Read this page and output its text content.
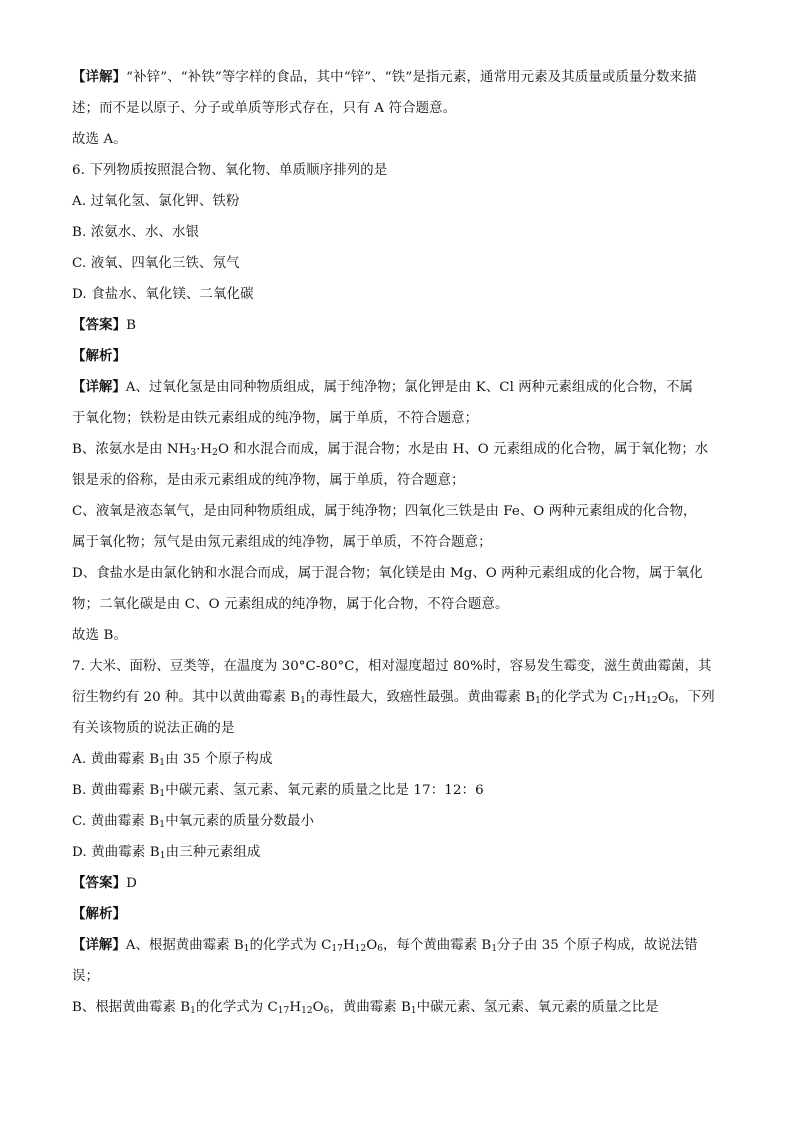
【详解】“补锌”、“补铁”等字样的食品，其中“锌”、“铁”是指元素，通常用元素及其质量或质量分数来描
述；而不是以原子、分子或单质等形式存在，只有 A 符合题意。
故选 A。
6. 下列物质按照混合物、氧化物、单质顺序排列的是
A. 过氧化氢、氯化钾、铁粉
B. 浓氨水、水、水银
C. 液氧、四氧化三铁、氖气
D. 食盐水、氧化镁、二氧化碳
【答案】B
【解析】
【详解】A、过氧化氢是由同种物质组成，属于纯净物；氯化钾是由 K、Cl 两种元素组成的化合物，不属
于氧化物；铁粉是由铁元素组成的纯净物，属于单质，不符合题意；
B、浓氨水是由 $NH_3\cdot H_2O$ 和水混合而成，属于混合物；水是由 H、O 元素组成的化合物，属于氧化物；水
银是汞的俗称，是由汞元素组成的纯净物，属于单质，符合题意；
C、液氧是液态氧气，是由同种物质组成，属于纯净物；四氧化三铁是由 Fe、O 两种元素组成的化合物，
属于氧化物；氖气是由氖元素组成的纯净物，属于单质，不符合题意；
D、食盐水是由氯化钠和水混合而成，属于混合物；氧化镁是由 Mg、O 两种元素组成的化合物，属于氧化
物；二氧化碳是由 C、O 元素组成的纯净物，属于化合物，不符合题意。
故选 B。
7. 大米、面粉、豆类等，在温度为 30°C-80°C，相对湿度超过 80%时，容易发生霉变，滋生黄曲霉菌，其
衍生物约有 20 种。其中以黄曲霉素 $B_1$的毒性最大，致癌性最强。黄曲霉素 $B_1$的化学式为 $C_{17}H_{12}O_6$，下列
有关该物质的说法正确的是
A. 黄曲霉素 $B_1$由 35 个原子构成
B. 黄曲霉素 $B_1$中碳元素、氢元素、氧元素的质量之比是 17：12：6
C. 黄曲霉素 $B_1$中氧元素的质量分数最小
D. 黄曲霉素 $B_1$由三种元素组成
【答案】D
【解析】
【详解】A、根据黄曲霉素 $B_1$的化学式为 $C_{17}H_{12}O_6$，每个黄曲霉素 $B_1$分子由 35 个原子构成，故说法错
误；
B、根据黄曲霉素 $B_1$的化学式为 $C_{17}H_{12}O_6$，黄曲霉素 $B_1$中碳元素、氢元素、氧元素的质量之比是
